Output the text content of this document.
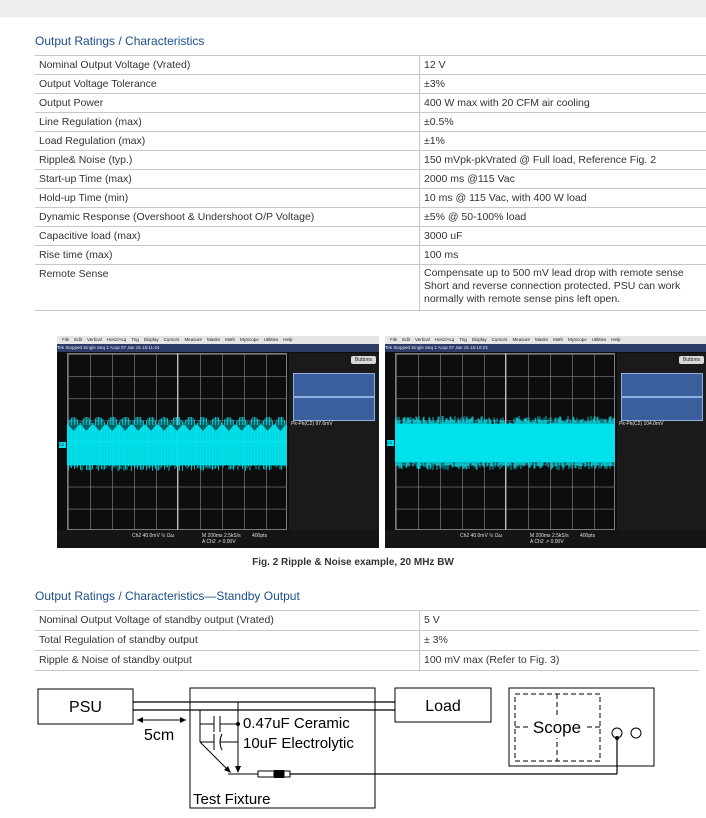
Output Ratings / Characteristics
Nominal Output Voltage (Vrated)	12 V
Output Voltage Tolerance	±3%
Output Power	400 W max with 20 CFM air cooling
Line Regulation (max)	±0.5%
Load Regulation (max)	±1%
Ripple& Noise (typ.)	150 mVpk-pkVrated @ Full load, Reference Fig. 2
Start-up Time (max)	2000 ms @115 Vac
Hold-up Time (min)	10 ms @ 115 Vac, with 400 W load
Dynamic Response (Overshoot & Undershoot O/P Voltage)	±5% @ 50-100% load
Capacitive load (max)	3000 uF
Rise time (max)	100 ms
Remote Sense	Compensate up to 500 mV lead drop with remote sense
Short and reverse connection protected. PSU can work normally with remote sense pins left open.
File Edit Vertical Horiz/Acq Trig Display Cursors Measure Masks Math MyScope Utilities Help
Tek Stopped Single Seq 1 Acqs 07 Jan 15 15:11:44
C2
Buttons
Pk-Pk(C2) 97.6mV
Ch2 40.0mV ½ Ωω	M 200ms 2.5kS/s
A Ch2 ↗ 0.00V
400pts
File Edit Vertical Horiz/Acq Trig Display Cursors Measure Masks Math MyScope Utilities Help
Tek Stopped Single Seq 1 Acqs 07 Jan 15 15:10:23
C2
Buttons
Pk-Pk(C2) 104.0mV
Ch2 40.0mV ½ Ωω	M 200ms 2.5kS/s
A Ch2 ↗ 0.00V
400pts
Fig. 2 Ripple & Noise example, 20 MHz BW
Output Ratings / Characteristics—Standby Output
Nominal Output Voltage of standby output (Vrated)	5 V
Total Regulation of standby output	± 3%
Ripple & Noise of standby output	100 mV max (Refer to Fig. 3)
PSU
Test Fixture
Load
Scope
5cm
0.47uF Ceramic
10uF Electrolytic
